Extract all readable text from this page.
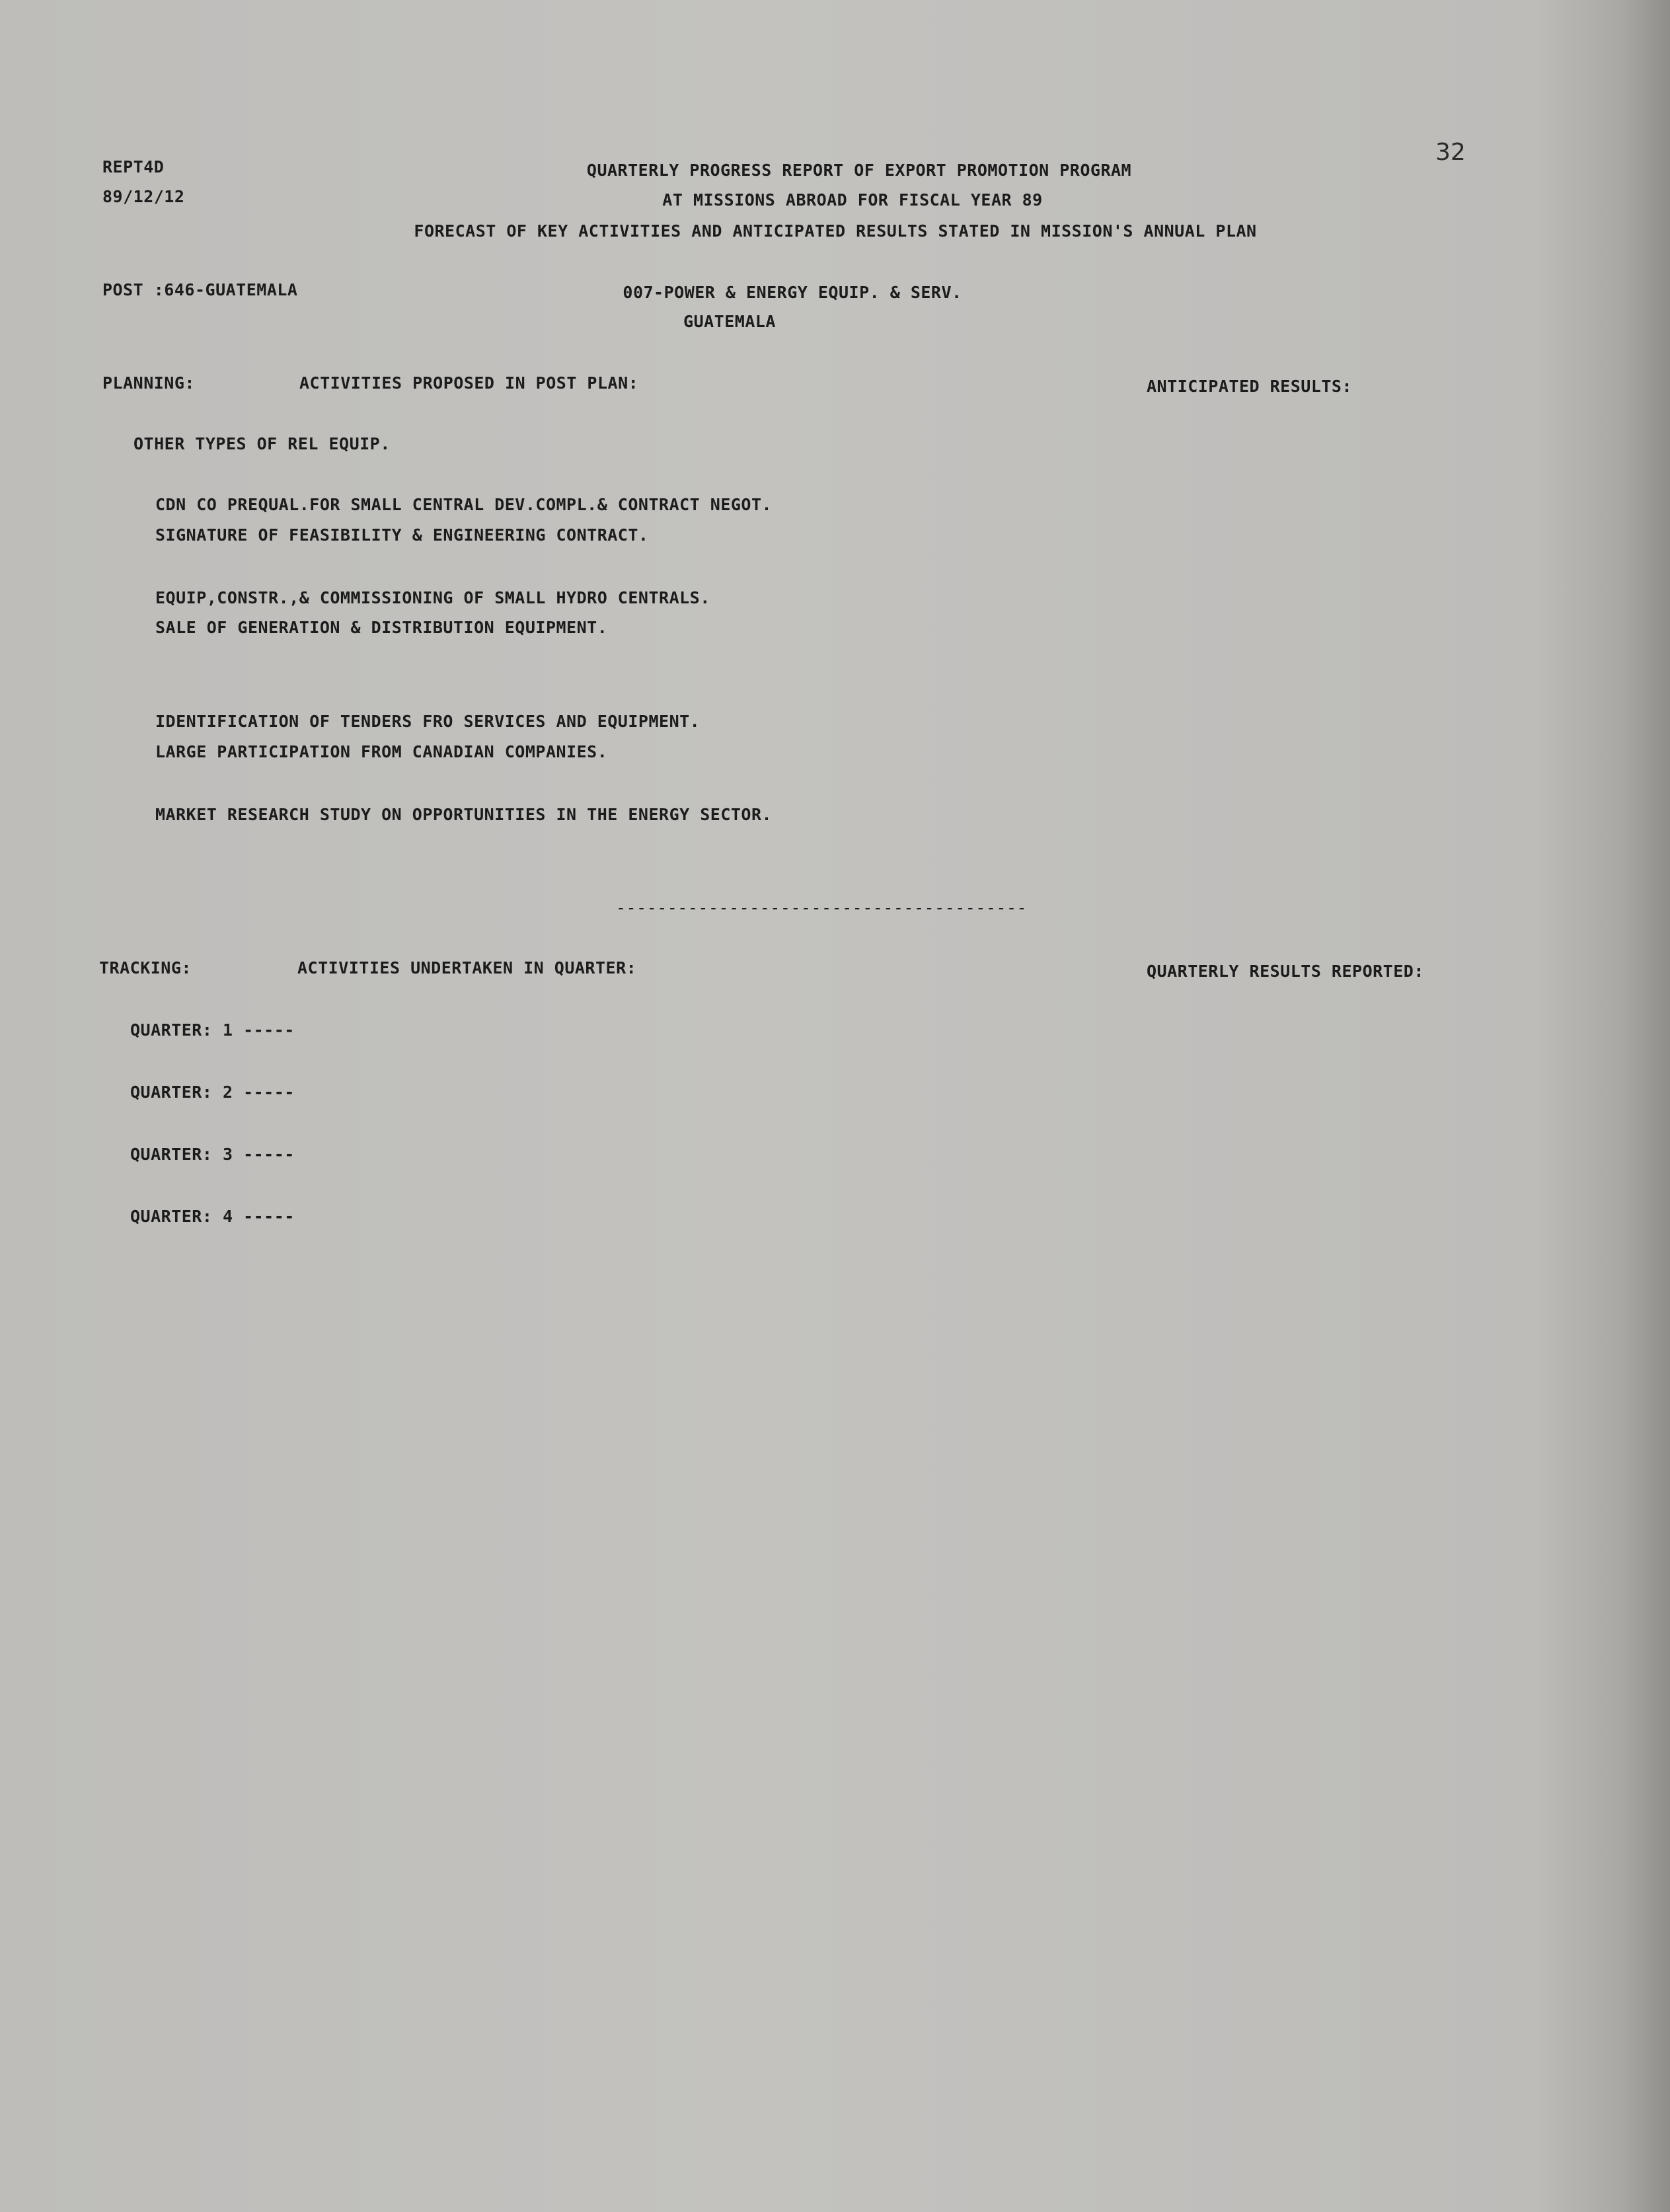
32
REPT4D
89/12/12
QUARTERLY PROGRESS REPORT OF EXPORT PROMOTION PROGRAM
AT MISSIONS ABROAD FOR FISCAL YEAR 89
FORECAST OF KEY ACTIVITIES AND ANTICIPATED RESULTS STATED IN MISSION'S ANNUAL PLAN
POST :646-GUATEMALA	007-POWER & ENERGY EQUIP. & SERV.
GUATEMALA
PLANNING:	ACTIVITIES PROPOSED IN POST PLAN:	ANTICIPATED RESULTS:
OTHER TYPES OF REL EQUIP.
CDN CO PREQUAL.FOR SMALL CENTRAL DEV.COMPL.& CONTRACT NEGOT.
SIGNATURE OF FEASIBILITY & ENGINEERING CONTRACT.
EQUIP,CONSTR.,& COMMISSIONING OF SMALL HYDRO CENTRALS.
SALE OF GENERATION & DISTRIBUTION EQUIPMENT.
IDENTIFICATION OF TENDERS FRO SERVICES AND EQUIPMENT.
LARGE PARTICIPATION FROM CANADIAN COMPANIES.
MARKET RESEARCH STUDY ON OPPORTUNITIES IN THE ENERGY SECTOR.
----------------------------------------
TRACKING:	ACTIVITIES UNDERTAKEN IN QUARTER:	QUARTERLY RESULTS REPORTED:
QUARTER: 1 -----
QUARTER: 2 -----
QUARTER: 3 -----
QUARTER: 4 -----
